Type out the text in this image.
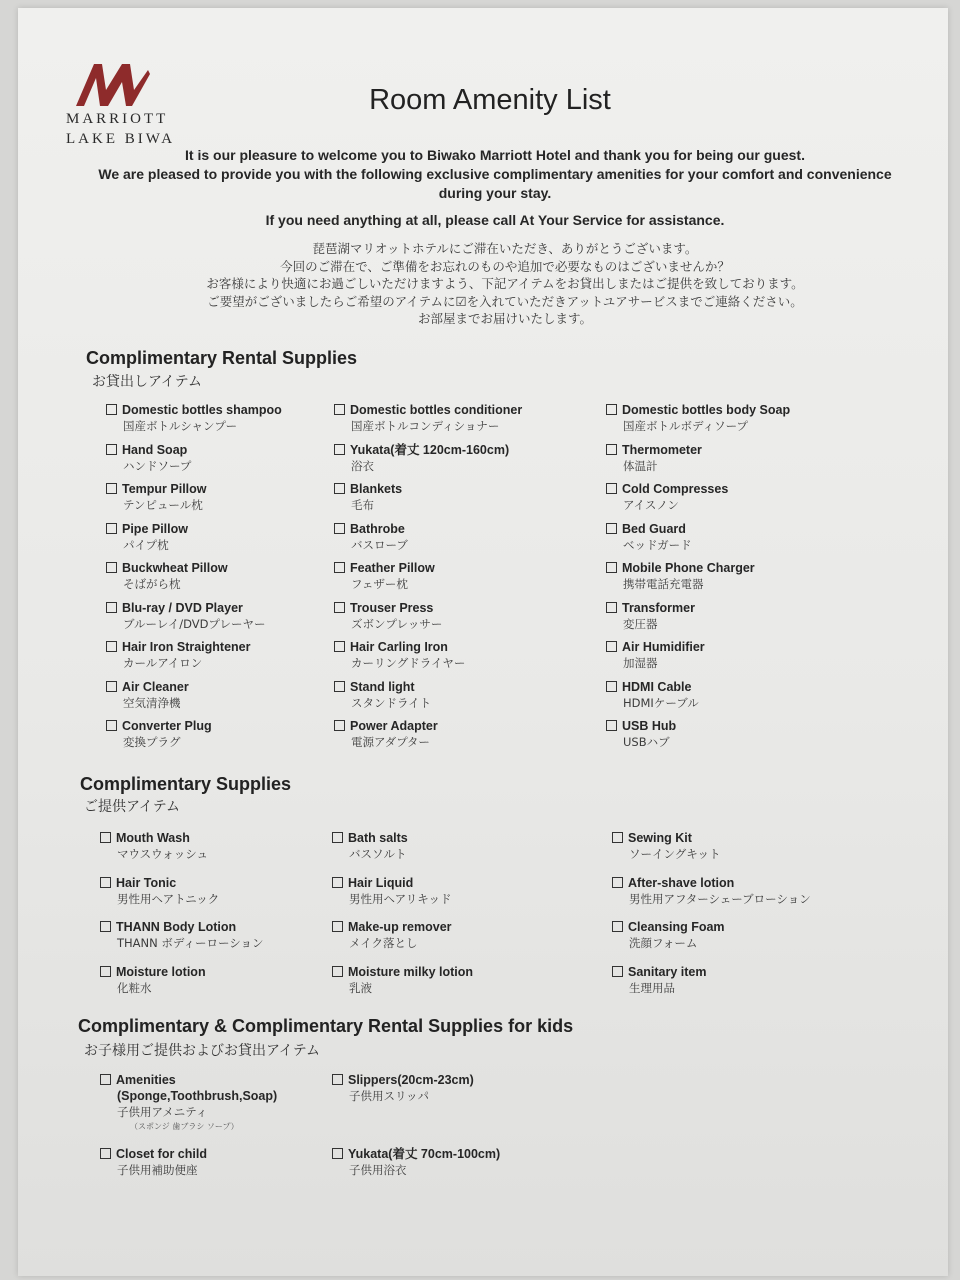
MARRIOTT
LAKE BIWA
Room Amenity List

It is our pleasure to welcome you to Biwako Marriott Hotel and thank you for being our guest.

We are pleased to provide you with the following exclusive complimentary amenities for your comfort and convenience

during your stay.

If you need anything at all, please call At Your Service for assistance.

琵琶湖マリオットホテルにご滞在いただき、ありがとうございます。

今回のご滞在で、ご準備をお忘れのものや追加で必要なものはございませんか？

お客様により快適にお過ごしいただけますよう、下記アイテムをお貸出しまたはご提供を致しております。

ご要望がございましたらご希望のアイテムに☑を入れていただきアットユアサービスまでご連絡ください。

お部屋までお届けいたします。

Complimentary Rental Supplies
お貸出しアイテム
Domestic bottles shampoo
国産ボトルシャンプー
Domestic bottles conditioner
国産ボトルコンディショナー
Domestic bottles body Soap
国産ボトルボディソープ
Hand Soap
ハンドソープ
Yukata(着丈 120cm-160cm)
浴衣
Thermometer
体温計
Tempur Pillow
テンピュール枕
Blankets
毛布
Cold Compresses
アイスノン
Pipe Pillow
パイプ枕
Bathrobe
バスローブ
Bed Guard
ベッドガード
Buckwheat Pillow
そばがら枕
Feather Pillow
フェザー枕
Mobile Phone Charger
携帯電話充電器
Blu-ray / DVD Player
ブルーレイ/DVDプレーヤー
Trouser Press
ズボンプレッサー
Transformer
変圧器
Hair Iron Straightener
カールアイロン
Hair Carling Iron
カーリングドライヤー
Air Humidifier
加湿器
Air Cleaner
空気清浄機
Stand light
スタンドライト
HDMI Cable
HDMIケーブル
Converter Plug
変換プラグ
Power Adapter
電源アダプター
USB Hub
USBハブ
Complimentary Supplies
ご提供アイテム
Mouth Wash
マウスウォッシュ
Bath salts
バスソルト
Sewing Kit
ソーイングキット
Hair Tonic
男性用ヘアトニック
Hair Liquid
男性用ヘアリキッド
After-shave lotion
男性用アフターシェーブローション
THANN Body Lotion
THANN ボディーローション
Make-up remover
メイク落とし
Cleansing Foam
洗顔フォーム
Moisture lotion
化粧水
Moisture milky lotion
乳液
Sanitary item
生理用品
Complimentary & Complimentary Rental Supplies for kids
お子様用ご提供およびお貸出アイテム
Amenities
(Sponge,Toothbrush,Soap)
子供用アメニティ
（スポンジ 歯ブラシ ソープ）
Slippers(20cm-23cm)
子供用スリッパ
Closet for child
子供用補助便座
Yukata(着丈 70cm-100cm)
子供用浴衣
